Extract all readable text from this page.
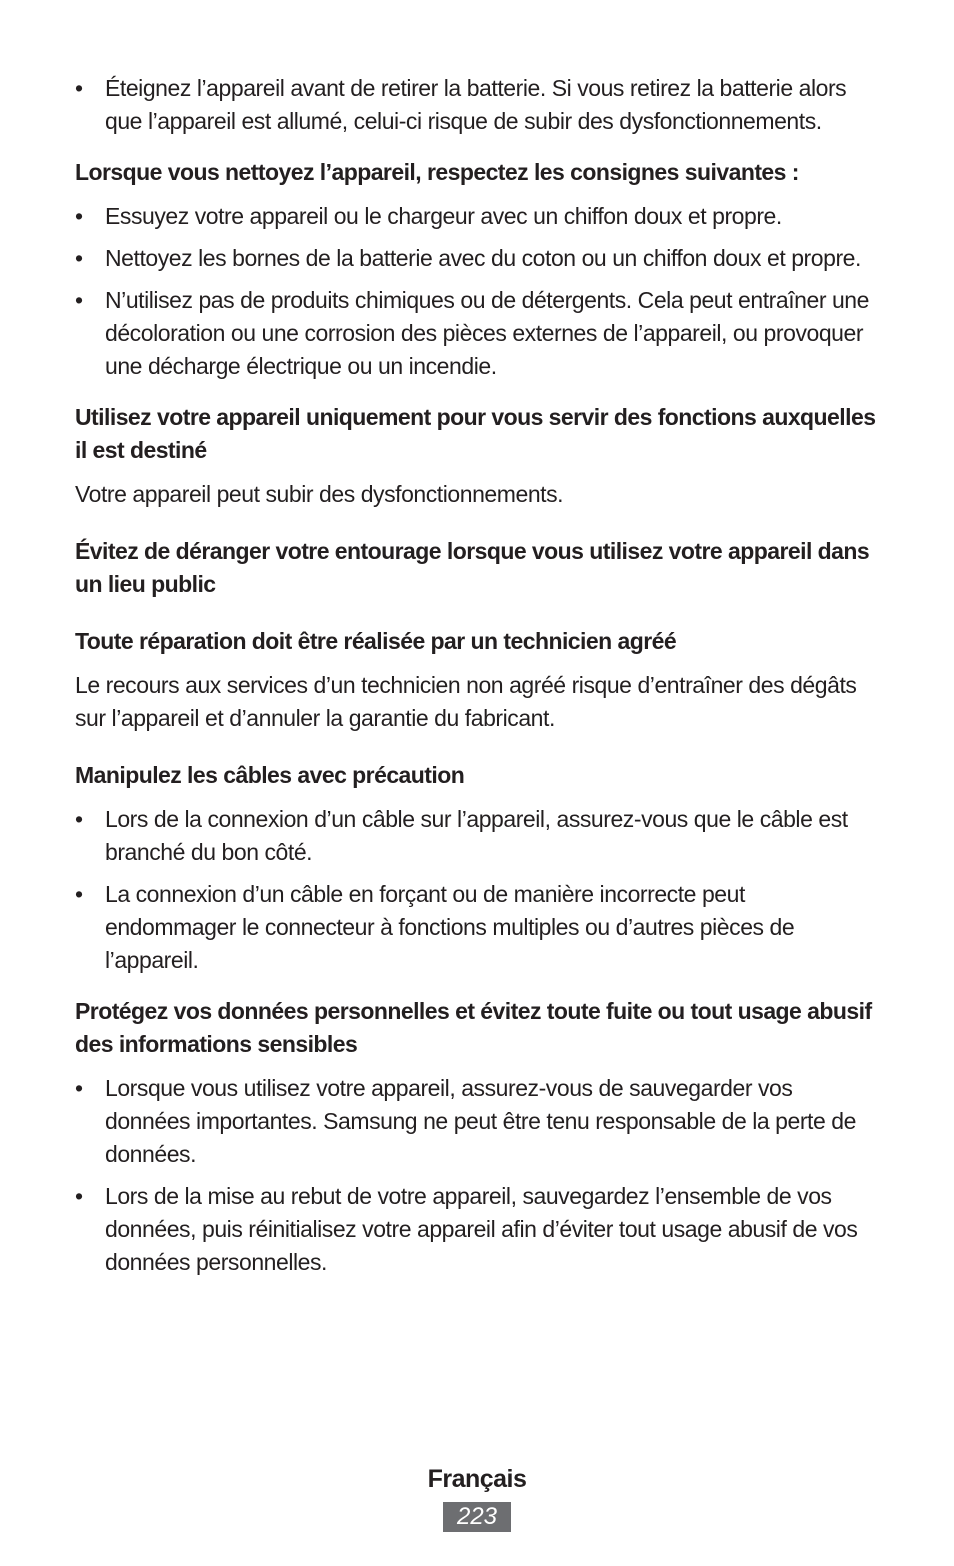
• Éteignez l’appareil avant de retirer la batterie. Si vous retirez la batterie alors que l’appareil est allumé, celui-ci risque de subir des dysfonctionnements.
Lorsque vous nettoyez l’appareil, respectez les consignes suivantes :
• Essuyez votre appareil ou le chargeur avec un chiffon doux et propre.
• Nettoyez les bornes de la batterie avec du coton ou un chiffon doux et propre.
• N’utilisez pas de produits chimiques ou de détergents. Cela peut entraîner une décoloration ou une corrosion des pièces externes de l’appareil, ou provoquer une décharge électrique ou un incendie.
Utilisez votre appareil uniquement pour vous servir des fonctions auxquelles il est destiné

Votre appareil peut subir des dysfonctionnements.

Évitez de déranger votre entourage lorsque vous utilisez votre appareil dans un lieu public
Toute réparation doit être réalisée par un technicien agréé

Le recours aux services d’un technicien non agréé risque d’entraîner des dégâts sur l’appareil et d’annuler la garantie du fabricant.

Manipulez les câbles avec précaution
• Lors de la connexion d’un câble sur l’appareil, assurez-vous que le câble est branché du bon côté.
• La connexion d’un câble en forçant ou de manière incorrecte peut endommager le connecteur à fonctions multiples ou d’autres pièces de l’appareil.
Protégez vos données personnelles et évitez toute fuite ou tout usage abusif des informations sensibles
• Lorsque vous utilisez votre appareil, assurez-vous de sauvegarder vos données importantes. Samsung ne peut être tenu responsable de la perte de données.
• Lors de la mise au rebut de votre appareil, sauvegardez l’ensemble de vos données, puis réinitialisez votre appareil afin d’éviter tout usage abusif de vos données personnelles.
Français
223
